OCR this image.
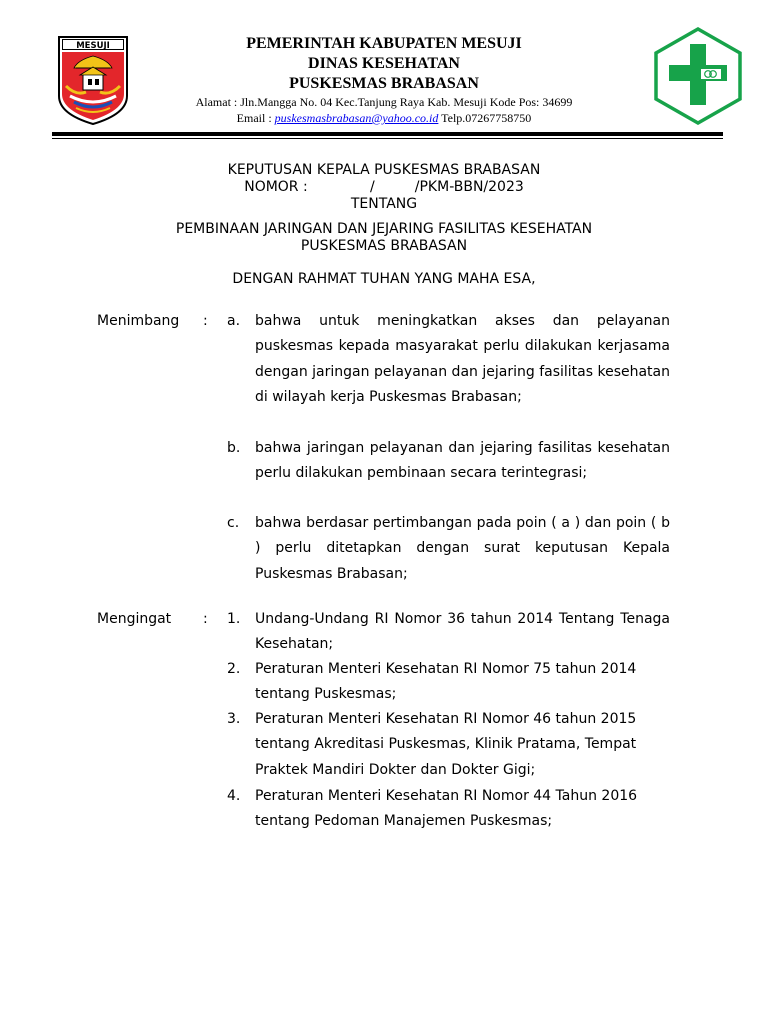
MESUJI	PEMERINTAH KABUPATEN MESUJI
DINAS KESEHATAN
PUSKESMAS BRABASAN
Alamat : Jln.Mangga No. 04 Kec.Tanjung Raya Kab. Mesuji Kode Pos: 34699
Email : puskesmasbrabasan@yahoo.co.id Telp.07267758750
KEPUTUSAN KEPALA PUSKESMAS BRABASAN
NOMOR :              /         /PKM-BBN/2023
TENTANG
PEMBINAAN JARINGAN DAN JEJARING FASILITAS KESEHATAN
PUSKESMAS BRABASAN
DENGAN RAHMAT TUHAN YANG MAHA ESA,
Menimbang : a. bahwa untuk meningkatkan akses dan pelayanan puskesmas kepada masyarakat perlu dilakukan kerjasama dengan jaringan pelayanan dan jejaring fasilitas kesehatan di wilayah kerja Puskesmas Brabasan;
b. bahwa jaringan pelayanan dan jejaring fasilitas kesehatan perlu dilakukan pembinaan secara terintegrasi;
c. bahwa berdasar pertimbangan pada poin ( a ) dan poin ( b ) perlu ditetapkan dengan surat keputusan Kepala Puskesmas Brabasan;
Mengingat : 1. Undang-Undang RI Nomor 36 tahun 2014 Tentang Tenaga Kesehatan;
2. Peraturan Menteri Kesehatan RI Nomor 75 tahun 2014 tentang Puskesmas;
3. Peraturan Menteri Kesehatan RI Nomor 46 tahun 2015 tentang Akreditasi Puskesmas, Klinik Pratama, Tempat Praktek Mandiri Dokter dan Dokter Gigi;
4. Peraturan Menteri Kesehatan RI Nomor 44 Tahun 2016 tentang Pedoman Manajemen Puskesmas;
